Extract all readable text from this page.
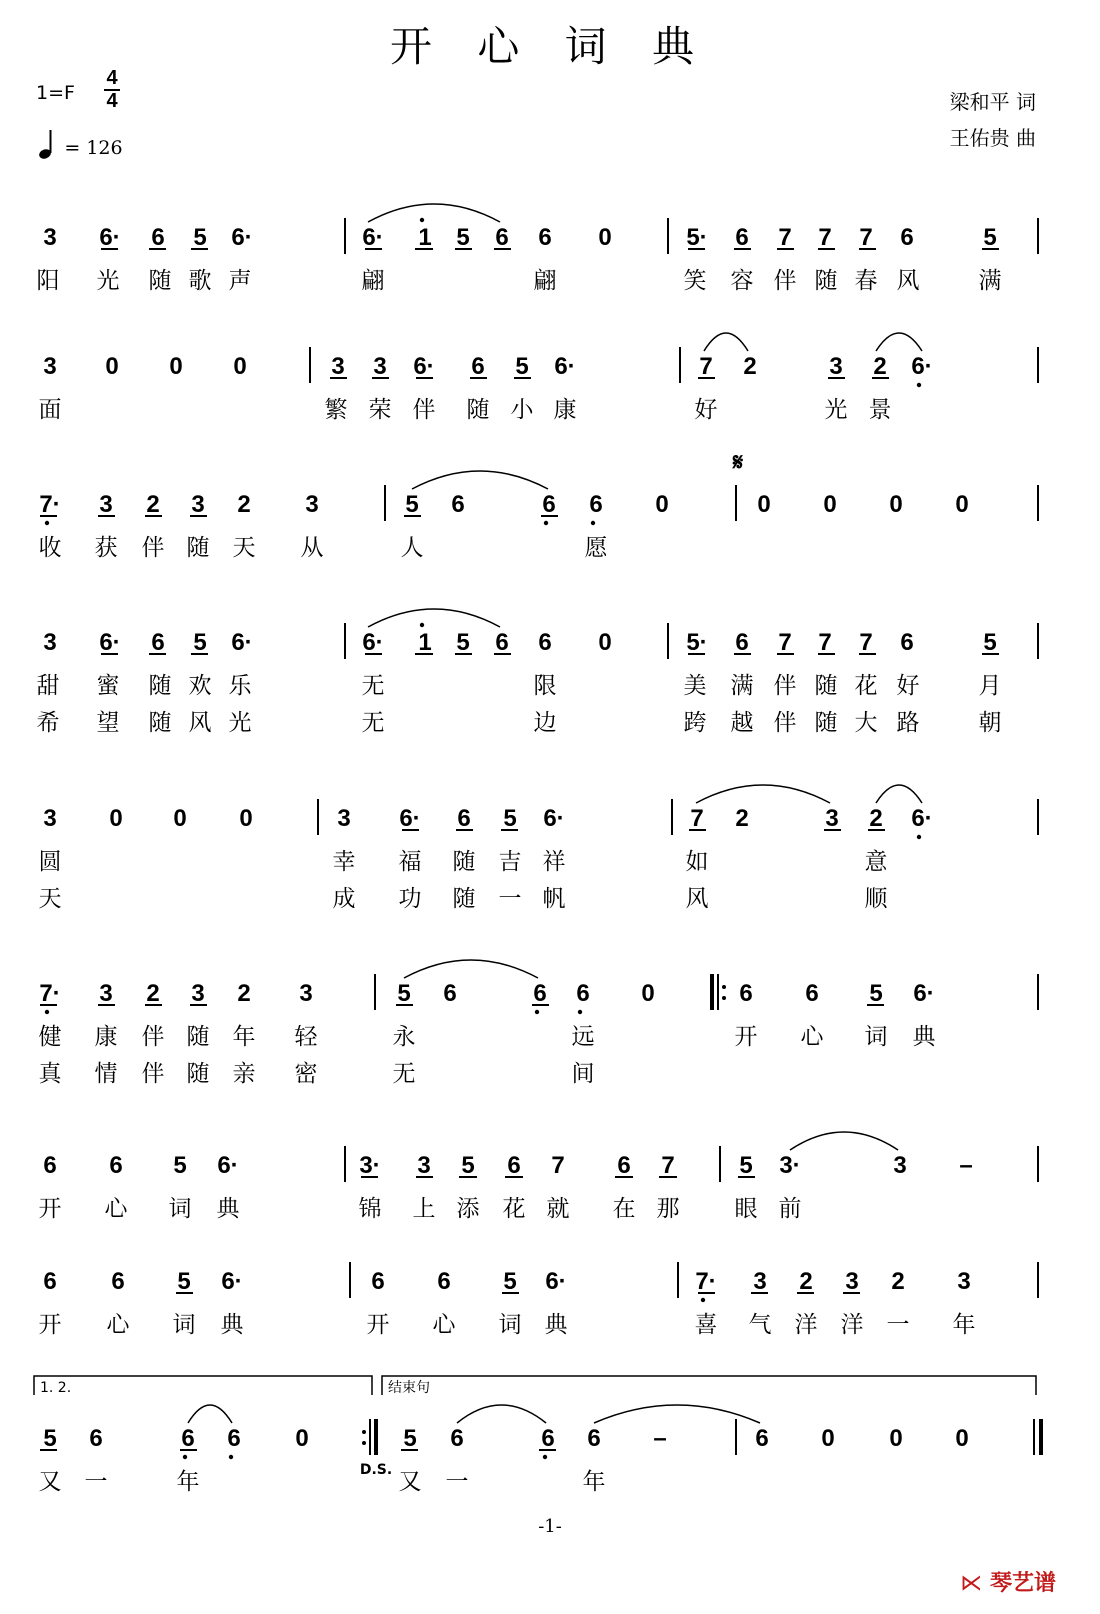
开 心 词 典
1=F
4
4
= 126
梁和平 词
王佑贵 曲
3 6· 6 5 6·	6· 1 5 6 6 0	5· 6 7 7 7 6	5
阳 光 随 歌 声	翩	翩	笑 容 伴 随 春 风	满
3 0 0 0	3 3 6· 6 5 6·	7 2	3 2 6·
面	繁 荣 伴 随 小 康	好	光 景
7· 3 2 3 2 3	5 6	6 6 0	0 0 0 0
𝄋
收 获 伴 随 天 从	人	愿
3 6· 6 5 6·	6· 1 5 6 6 0	5· 6 7 7 7 6	5
甜 蜜 随 欢 乐	无	限	美 满 伴 随 花 好	月
希 望 随 风 光	无	边	跨 越 伴 随 大 路	朝
3 0 0 0	3 6· 6 5 6·	7 2	3 2 6·
圆	幸 福 随 吉 祥	如	意
天	成 功 随 一 帆	风	顺
7· 3 2 3 2 3	5 6	6 6 0	6 6 5 6·
健 康 伴 随 年 轻	永	远	开 心 词 典
真 情 伴 随 亲 密	无	间
6 6 5 6·	3· 3 5 6 7 6 7	5 3·	3 –
开 心 词 典	锦 上 添 花 就 在 那 眼 前
6 6 5 6·	6 6 5 6·	7· 3 2 3 2 3
开 心 词 典	开 心 词 典	喜 气 洋 洋 一 年
5 6	6 6 0	5 6	6 6 –	6 0 0 0
又 一	年	又 一	年
1. 2.	结束句
D.S.
-1-
⋉ 琴艺谱
